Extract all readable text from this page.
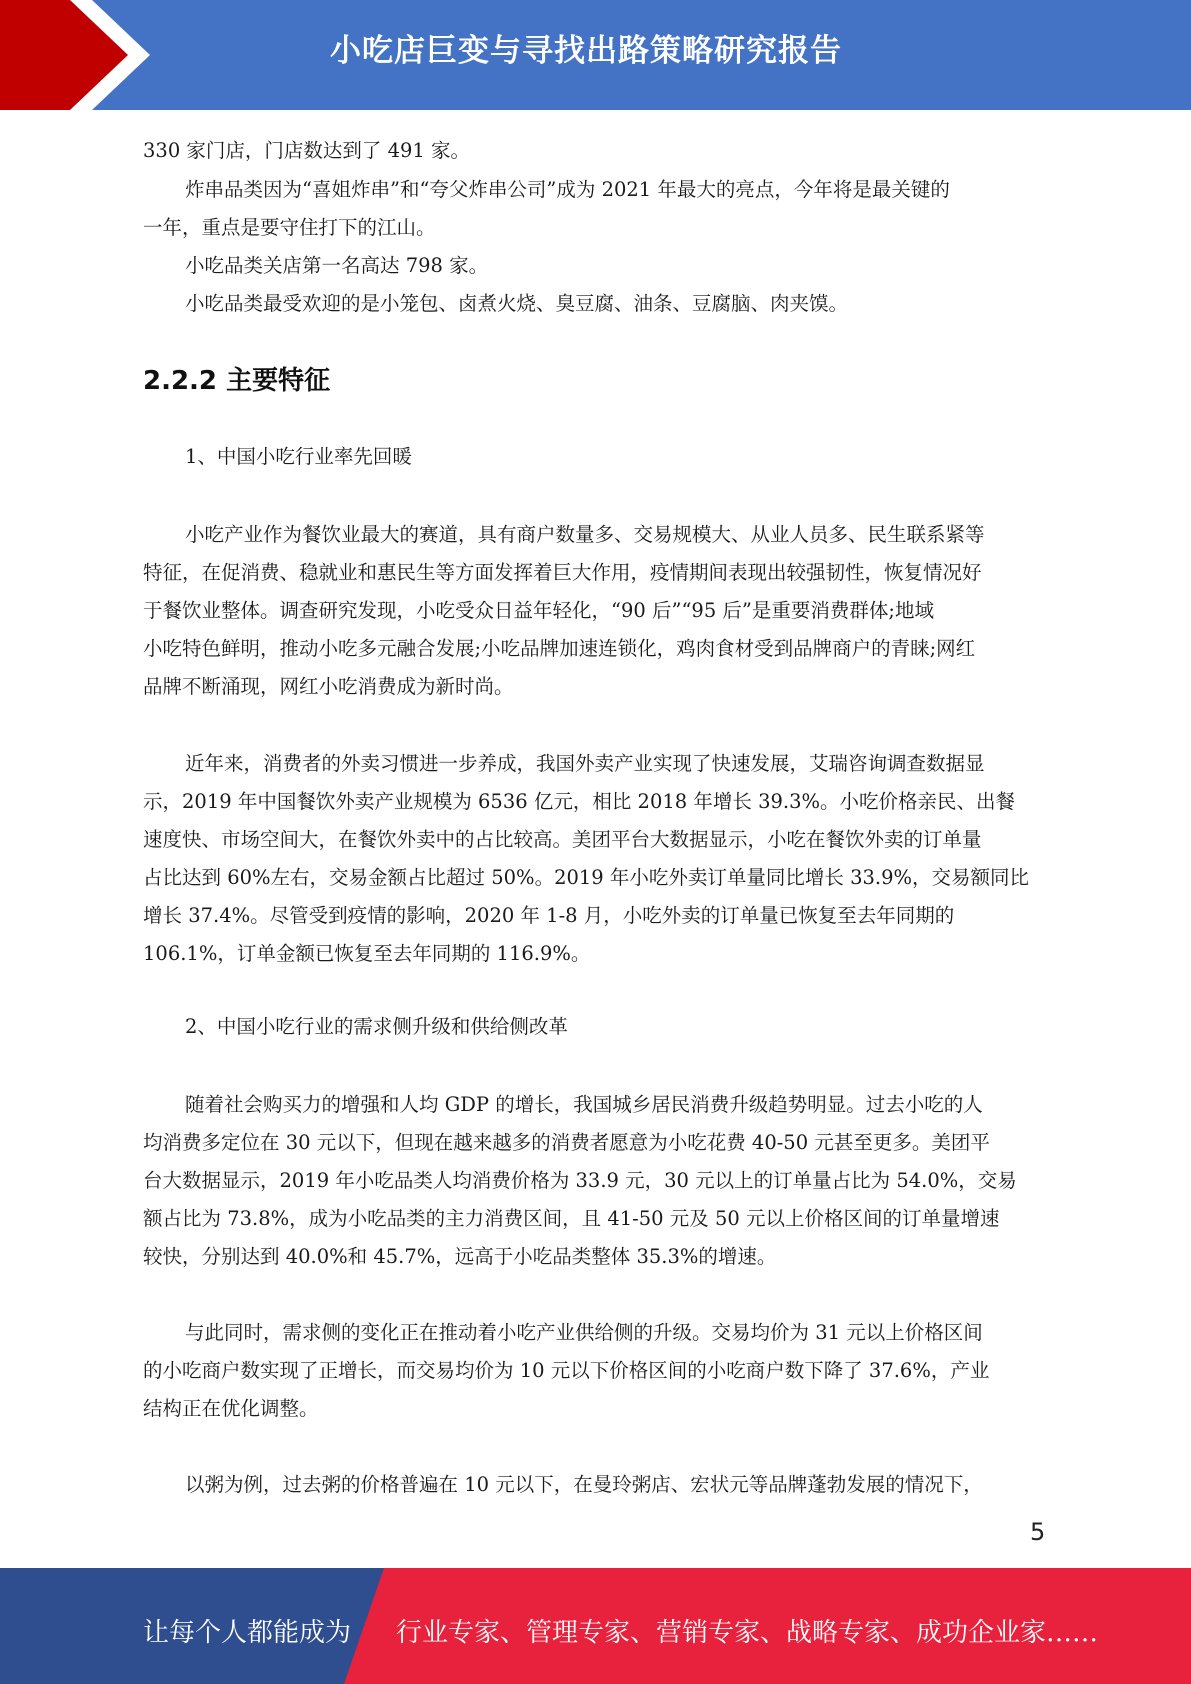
小吃店巨变与寻找出路策略研究报告
330 家门店，门店数达到了 491 家。
炸串品类因为“喜姐炸串”和“夸父炸串公司”成为 2021 年最大的亮点，今年将是最关键的
一年，重点是要守住打下的江山。
小吃品类关店第一名高达 798 家。
小吃品类最受欢迎的是小笼包、卤煮火烧、臭豆腐、油条、豆腐脑、肉夹馍。
2.2.2 主要特征
1、中国小吃行业率先回暖
小吃产业作为餐饮业最大的赛道，具有商户数量多、交易规模大、从业人员多、民生联系紧等
特征，在促消费、稳就业和惠民生等方面发挥着巨大作用，疫情期间表现出较强韧性，恢复情况好
于餐饮业整体。调查研究发现，小吃受众日益年轻化，“90 后”“95 后”是重要消费群体;地域
小吃特色鲜明，推动小吃多元融合发展;小吃品牌加速连锁化，鸡肉食材受到品牌商户的青睐;网红
品牌不断涌现，网红小吃消费成为新时尚。
近年来，消费者的外卖习惯进一步养成，我国外卖产业实现了快速发展，艾瑞咨询调查数据显
示，2019 年中国餐饮外卖产业规模为 6536 亿元，相比 2018 年增长 39.3%。小吃价格亲民、出餐
速度快、市场空间大，在餐饮外卖中的占比较高。美团平台大数据显示，小吃在餐饮外卖的订单量
占比达到 60%左右，交易金额占比超过 50%。2019 年小吃外卖订单量同比增长 33.9%，交易额同比
增长 37.4%。尽管受到疫情的影响，2020 年 1-8 月，小吃外卖的订单量已恢复至去年同期的
106.1%，订单金额已恢复至去年同期的 116.9%。
2、中国小吃行业的需求侧升级和供给侧改革
随着社会购买力的增强和人均 GDP 的增长，我国城乡居民消费升级趋势明显。过去小吃的人
均消费多定位在 30 元以下，但现在越来越多的消费者愿意为小吃花费 40-50 元甚至更多。美团平
台大数据显示，2019 年小吃品类人均消费价格为 33.9 元，30 元以上的订单量占比为 54.0%，交易
额占比为 73.8%，成为小吃品类的主力消费区间，且 41-50 元及 50 元以上价格区间的订单量增速
较快，分别达到 40.0%和 45.7%，远高于小吃品类整体 35.3%的增速。
与此同时，需求侧的变化正在推动着小吃产业供给侧的升级。交易均价为 31 元以上价格区间
的小吃商户数实现了正增长，而交易均价为 10 元以下价格区间的小吃商户数下降了 37.6%，产业
结构正在优化调整。
以粥为例，过去粥的价格普遍在 10 元以下，在曼玲粥店、宏状元等品牌蓬勃发展的情况下，
5
让每个人都能成为 行业专家、管理专家、营销专家、战略专家、成功企业家……
